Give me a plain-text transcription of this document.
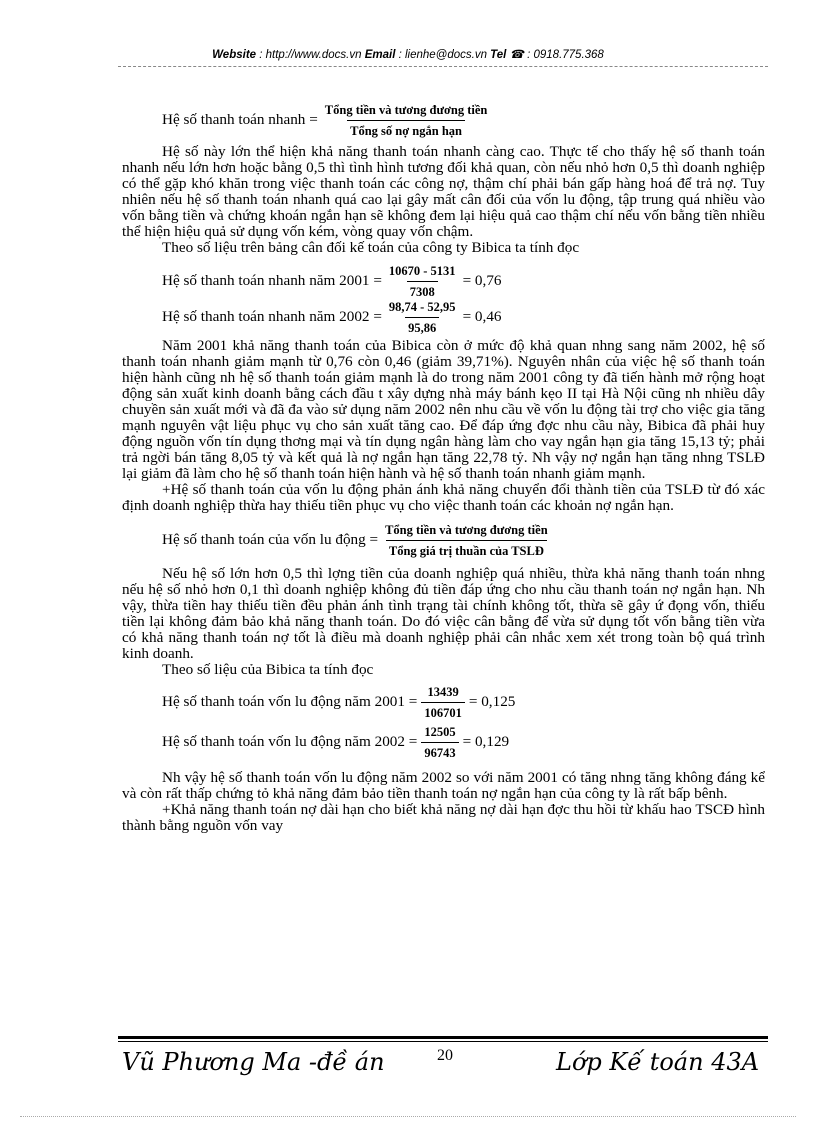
Website : http://www.docs.vn Email : lienhe@docs.vn Tel ☎ : 0918.775.368
Hệ số thanh toán nhanh = $\frac{\text{Tổng tiền và tương đương tiền}}{\text{Tổng số nợ ngắn hạn}}$

Hệ số này lớn thể hiện khả năng thanh toán nhanh càng cao. Thực tế cho thấy hệ số thanh toán nhanh nếu lớn hơn hoặc bằng 0,5 thì tình hình tương đối khả quan, còn nếu nhỏ hơn 0,5 thì doanh nghiệp có thể gặp khó khăn trong việc thanh toán các công nợ, thậm chí phải bán gấp hàng hoá để trả nợ. Tuy nhiên nếu hệ số thanh toán nhanh quá cao lại gây mất cân đối của vốn lu động, tập trung quá nhiều vào vốn bằng tiền và chứng khoán ngắn hạn sẽ không đem lại hiệu quả cao thậm chí nếu vốn bằng tiền nhiều thể hiện hiệu quả sử dụng vốn kém, vòng quay vốn chậm.

Theo số liệu trên bảng cân đối kế toán của công ty Bibica ta tính đọc

Hệ số thanh toán nhanh năm $2001 = \frac{10670 - 5131}{7308} = 0,76$
Hệ số thanh toán nhanh năm $2002 = \frac{98,74 - 52,95}{95,86} = 0,46$

Năm 2001 khả năng thanh toán của Bibica còn ở mức độ khả quan nhng sang năm 2002, hệ số thanh toán nhanh giảm mạnh từ 0,76 còn 0,46 (giảm 39,71%). Nguyên nhân của việc hệ số thanh toán hiện hành cũng nh hệ số thanh toán giảm mạnh là do trong năm 2001 công ty đã tiến hành mở rộng hoạt động sản xuất kinh doanh bằng cách đầu t xây dựng nhà máy bánh kẹo II tại Hà Nội cũng nh nhiều dây chuyền sản xuất mới và đã đa vào sử dụng năm 2002 nên nhu cầu về vốn lu động tài trợ cho việc gia tăng mạnh nguyên vật liệu phục vụ cho sản xuất tăng cao. Để đáp ứng đợc nhu cầu này, Bibica đã phải huy động nguồn vốn tín dụng thơng mại và tín dụng ngân hàng làm cho vay ngắn hạn gia tăng 15,13 tỷ; phải trả ngời bán tăng 8,05 tỷ và kết quả là nợ ngắn hạn tăng 22,78 tỷ. Nh vậy nợ ngắn hạn tăng nhng TSLĐ lại giảm đã làm cho hệ số thanh toán hiện hành và hệ số thanh toán nhanh giảm mạnh.

+Hệ số thanh toán của vốn lu động phản ánh khả năng chuyển đổi thành tiền của TSLĐ từ đó xác định doanh nghiệp thừa hay thiếu tiền phục vụ cho việc thanh toán các khoản nợ ngắn hạn.

Hệ số thanh toán của vốn lu động = $\frac{\text{Tổng tiền và tương đương tiền}}{\text{Tổng giá trị thuần của TSLĐ}}$

Nếu hệ số lớn hơn 0,5 thì lợng tiền của doanh nghiệp quá nhiều, thừa khả năng thanh toán nhng nếu hệ số nhỏ hơn 0,1 thì doanh nghiệp không đủ tiền đáp ứng cho nhu cầu thanh toán nợ ngắn hạn. Nh vậy, thừa tiền hay thiếu tiền đều phản ánh tình trạng tài chính không tốt, thừa sẽ gây ứ đọng vốn, thiếu tiền lại không đảm bảo khả năng thanh toán. Do đó việc cân bằng để vừa sử dụng tốt vốn bằng tiền vừa có khả năng thanh toán nợ tốt là điều mà doanh nghiệp phải cân nhắc xem xét trong toàn bộ quá trình kinh doanh.

Theo số liệu của Bibica ta tính đọc

Hệ số thanh toán vốn lu động năm $2001 = \frac{13439}{106701} = 0,125$
Hệ số thanh toán vốn lu động năm $2002 = \frac{12505}{96743} = 0,129$

Nh vậy hệ số thanh toán vốn lu động năm 2002 so với năm 2001 có tăng nhng tăng không đáng kể và còn rất thấp chứng tỏ khả năng đảm bảo tiền thanh toán nợ ngắn hạn của công ty là rất bấp bênh.

+Khả năng thanh toán nợ dài hạn cho biết khả năng nợ dài hạn đợc thu hồi từ khấu hao TSCĐ hình thành bằng nguồn vốn vay

Vũ Phương Ma -đề án	20	Lớp Kế toán 43A
